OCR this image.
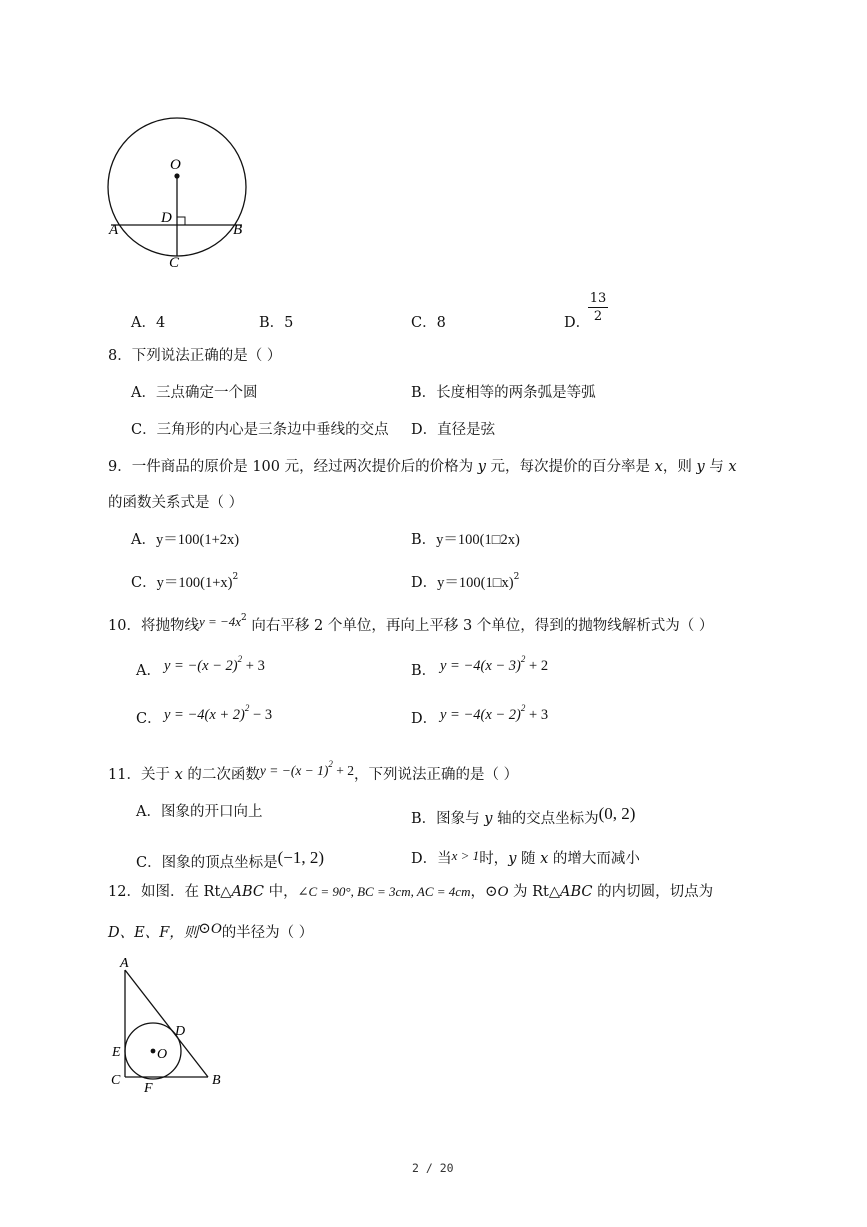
O
D
A	B
C
A．4	B．5	C．8	D．
13
2
8．下列说法正确的是（ ）
A．三点确定一个圆	B．长度相等的两条弧是等弧
C．三角形的内心是三条边中垂线的交点 D．直径是弦
9．一件商品的原价是 100 元，经过两次提价后的价格为 y 元，每次提价的百分率是 x，则 y 与 x
的函数关系式是（ ）
A．y＝100(1+2x)	B．y＝100(1□2x)
C．$y=100(1+x)^2$	D．y＝100(1□x)$^2$
10．将抛物线$y = -4x^2$ 向右平移 2 个单位，再向上平移 3 个单位，得到的抛物线解析式为（ ）
A． $y = -(x - 2)^2 + 3$	B． $y = -4(x - 3)^2 + 2$
C． $y = -4(x + 2)^2 - 3$	D． $y = -4(x - 2)^2 + 3$
11．关于 x 的二次函数$y = -(x - 1)^2 + 2$，下列说法正确的是（ ）
A．图象的开口向上	B．图象与 y 轴的交点坐标为(0, 2)
C．图象的顶点坐标是(−1, 2)	D．当x > 1时，y 随 x 的增大而减小
12．如图．在 Rt△ABC 中，∠C = 90°, BC = 3cm, AC = 4cm，⊙O 为 Rt△ABC 的内切圆，切点为
D、E、F，则⊙O的半径为（ ）
A
D
E	O
C
F
B
2 / 20
